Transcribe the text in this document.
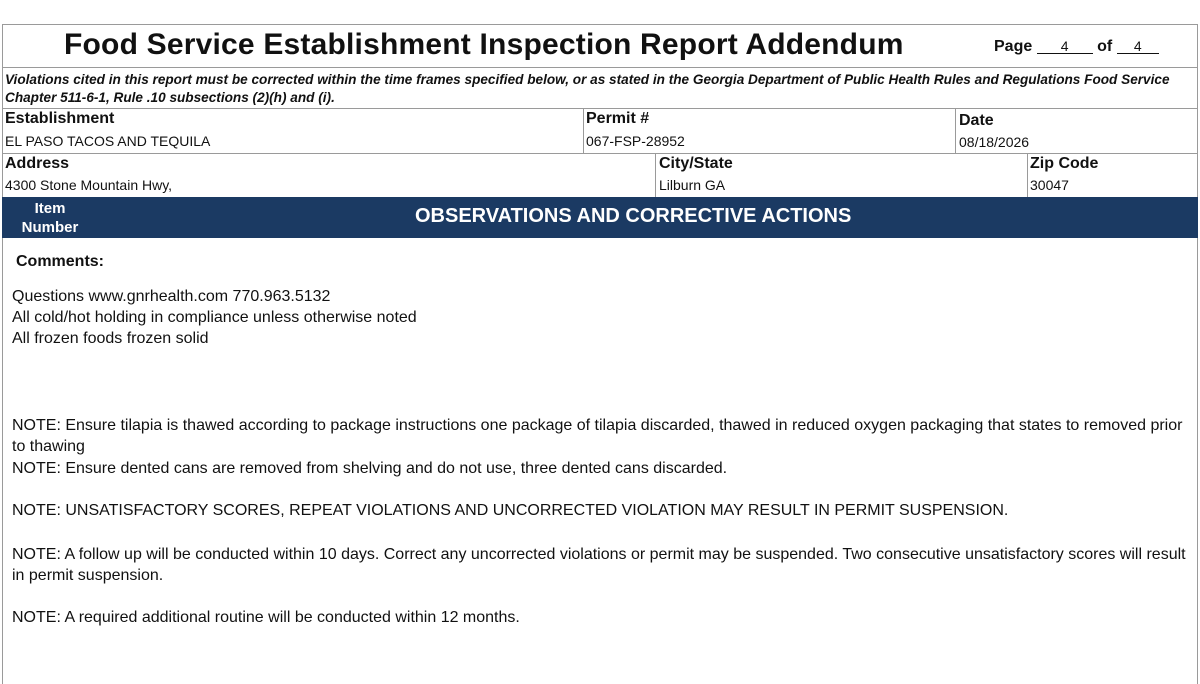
Food Service Establishment Inspection Report Addendum	Page 4 of 4
Violations cited in this report must be corrected within the time frames specified below, or as stated in the Georgia Department of Public Health Rules and Regulations Food Service Chapter 511-6-1, Rule .10 subsections (2)(h) and (i).
Establishment
EL PASO TACOS AND TEQUILA
Permit #
067-FSP-28952
Date
08/18/2026
Address
4300 Stone Mountain Hwy,
City/State
Lilburn GA
Zip Code
30047
Item Number
OBSERVATIONS AND CORRECTIVE ACTIONS
Comments:
Questions www.gnrhealth.com 770.963.5132
All cold/hot holding in compliance unless otherwise noted
All frozen foods frozen solid
NOTE: Ensure tilapia is thawed according to package instructions one package of tilapia discarded, thawed in reduced oxygen packaging that states to removed prior to thawing
NOTE: Ensure dented cans are removed from shelving and do not use, three dented cans discarded.
NOTE: UNSATISFACTORY SCORES, REPEAT VIOLATIONS AND UNCORRECTED VIOLATION MAY RESULT IN PERMIT SUSPENSION.
NOTE: A follow up will be conducted within 10 days. Correct any uncorrected violations or permit may be suspended. Two consecutive unsatisfactory scores will result in permit suspension.
NOTE: A required additional routine will be conducted within 12 months.
